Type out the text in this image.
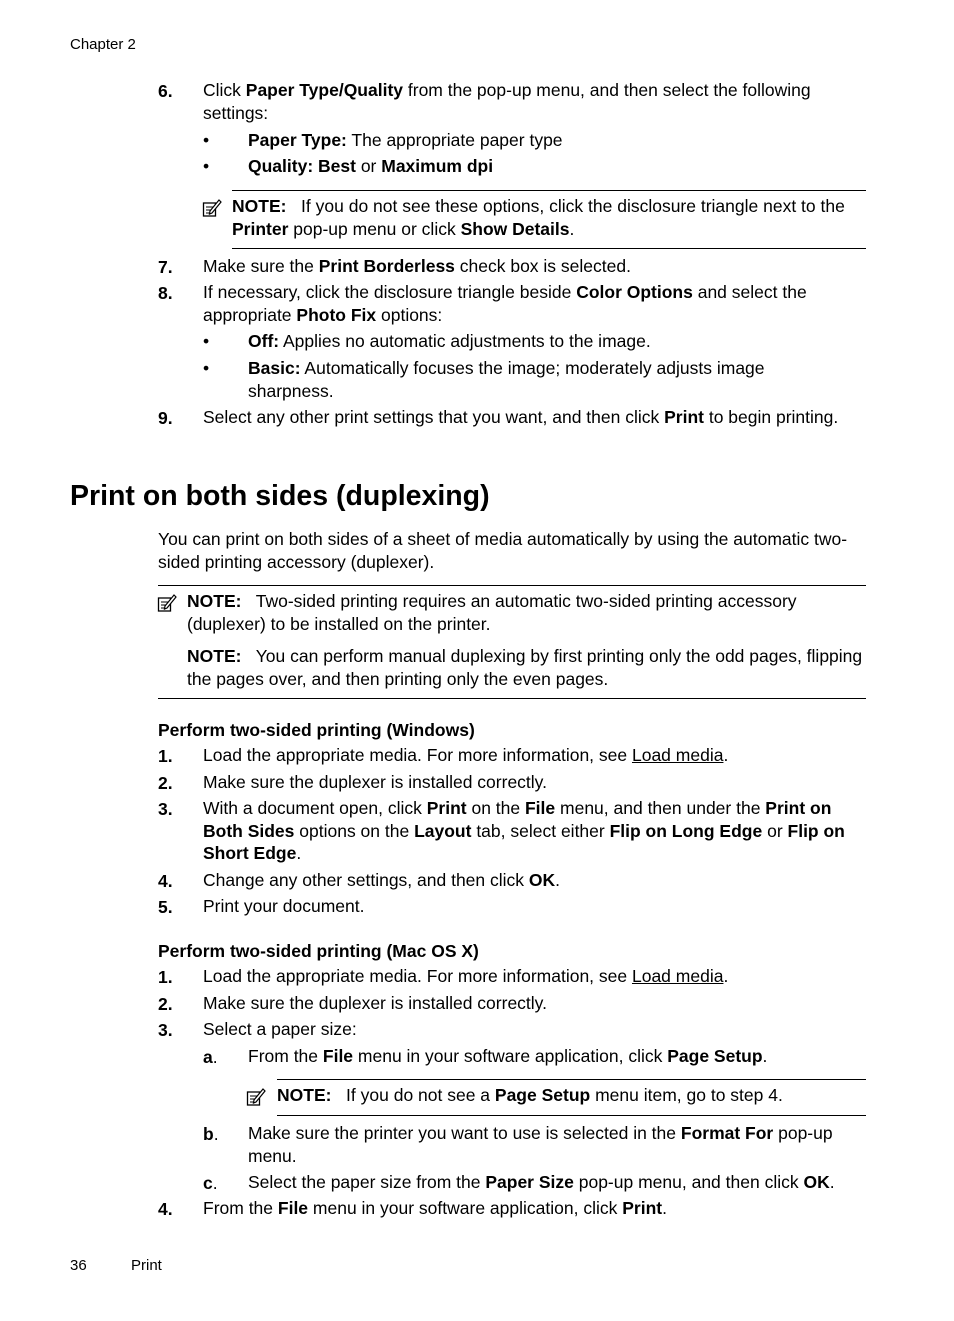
Chapter 2
6. Click Paper Type/Quality from the pop-up menu, and then select the following settings:
• Paper Type: The appropriate paper type
• Quality: Best or Maximum dpi
NOTE: If you do not see these options, click the disclosure triangle next to the Printer pop-up menu or click Show Details.
7. Make sure the Print Borderless check box is selected.
8. If necessary, click the disclosure triangle beside Color Options and select the appropriate Photo Fix options:
• Off: Applies no automatic adjustments to the image.
• Basic: Automatically focuses the image; moderately adjusts image sharpness.
9. Select any other print settings that you want, and then click Print to begin printing.
Print on both sides (duplexing)
You can print on both sides of a sheet of media automatically by using the automatic two-sided printing accessory (duplexer).
NOTE: Two-sided printing requires an automatic two-sided printing accessory (duplexer) to be installed on the printer.
NOTE: You can perform manual duplexing by first printing only the odd pages, flipping the pages over, and then printing only the even pages.
Perform two-sided printing (Windows)
1. Load the appropriate media. For more information, see Load media.
2. Make sure the duplexer is installed correctly.
3. With a document open, click Print on the File menu, and then under the Print on Both Sides options on the Layout tab, select either Flip on Long Edge or Flip on Short Edge.
4. Change any other settings, and then click OK.
5. Print your document.
Perform two-sided printing (Mac OS X)
1. Load the appropriate media. For more information, see Load media.
2. Make sure the duplexer is installed correctly.
3. Select a paper size:
a. From the File menu in your software application, click Page Setup.
NOTE: If you do not see a Page Setup menu item, go to step 4.
b. Make sure the printer you want to use is selected in the Format For pop-up menu.
c. Select the paper size from the Paper Size pop-up menu, and then click OK.
4. From the File menu in your software application, click Print.
36	Print
